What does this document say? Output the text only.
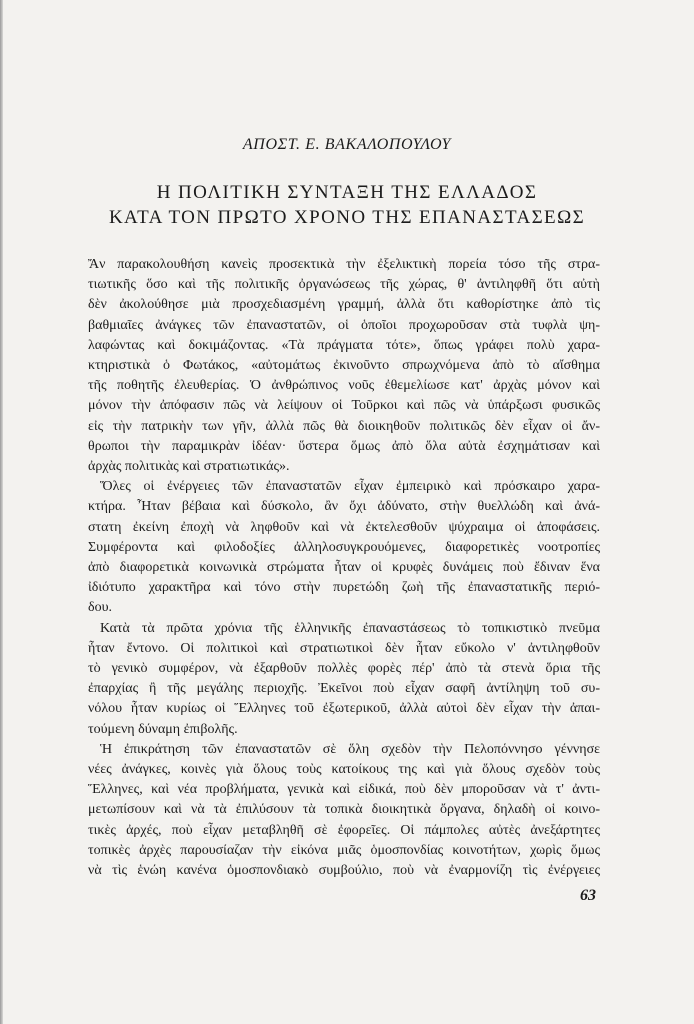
ΑΠΟΣΤ. Ε. ΒΑΚΑΛΟΠΟΥΛΟΥ
Η ΠΟΛΙΤΙΚΗ ΣΥΝΤΑΞΗ ΤΗΣ ΕΛΛΑΔΟΣ
ΚΑΤΑ ΤΟΝ ΠΡΩΤΟ ΧΡΟΝΟ ΤΗΣ ΕΠΑΝΑΣΤΑΣΕΩΣ
Ἄν παρακολουθήση κανεὶς προσεκτικὰ τὴν ἐξελικτικὴ πορεία τόσο τῆς στρα-
τιωτικῆς ὅσο καὶ τῆς πολιτικῆς ὀργανώσεως τῆς χώρας, θ' ἀντιληφθῆ ὅτι αὐτὴ
δὲν ἀκολούθησε μιὰ προσχεδιασμένη γραμμή, ἀλλὰ ὅτι καθορίστηκε ἀπὸ τὶς
βαθμιαῖες ἀνάγκες τῶν ἐπαναστατῶν, οἱ ὁποῖοι προχωροῦσαν στὰ τυφλὰ ψη-
λαφώντας καὶ δοκιμάζοντας. «Τὰ πράγματα τότε», ὅπως γράφει πολὺ χαρα-
κτηριστικὰ ὁ Φωτάκος, «αὐτομάτως ἐκινοῦντο σπρωχνόμενα ἀπὸ τὸ αἴσθημα
τῆς ποθητῆς ἐλευθερίας. Ὁ ἀνθρώπινος νοῦς ἐθεμελίωσε κατ' ἀρχὰς μόνον καὶ
μόνον τὴν ἀπόφασιν πῶς νὰ λείψουν οἱ Τοῦρκοι καὶ πῶς νὰ ὑπάρξωσι φυσικῶς
εἰς τὴν πατρικὴν των γῆν, ἀλλὰ πῶς θὰ διοικηθοῦν πολιτικῶς δὲν εἶχαν οἱ ἄν-
θρωποι τὴν παραμικρὰν ἰδέαν· ὕστερα ὅμως ἀπὸ ὅλα αὐτὰ ἐσχημάτισαν καὶ
ἀρχὰς πολιτικὰς καὶ στρατιωτικάς».
Ὅλες οἱ ἐνέργειες τῶν ἐπαναστατῶν εἶχαν ἐμπειρικὸ καὶ πρόσκαιρο χαρα-
κτήρα. Ἦταν βέβαια καὶ δύσκολο, ἂν ὄχι ἀδύνατο, στὴν θυελλώδη καὶ ἀνά-
στατη ἐκείνη ἐποχὴ νὰ ληφθοῦν καὶ νὰ ἐκτελεσθοῦν ψύχραιμα οἱ ἀποφάσεις.
Συμφέροντα καὶ φιλοδοξίες ἀλληλοσυγκρουόμενες, διαφορετικὲς νοοτροπίες
ἀπὸ διαφορετικὰ κοινωνικὰ στρώματα ἦταν οἱ κρυφὲς δυνάμεις ποὺ ἔδιναν ἕνα
ἰδιότυπο χαρακτῆρα καὶ τόνο στὴν πυρετώδη ζωὴ τῆς ἐπαναστατικῆς περιό-
δου.
Κατὰ τὰ πρῶτα χρόνια τῆς ἑλληνικῆς ἐπαναστάσεως τὸ τοπικιστικὸ πνεῦμα
ἦταν ἔντονο. Οἱ πολιτικοὶ καὶ στρατιωτικοὶ δὲν ἦταν εὔκολο ν' ἀντιληφθοῦν
τὸ γενικὸ συμφέρον, νὰ ἐξαρθοῦν πολλὲς φορὲς πέρ' ἀπὸ τὰ στενὰ ὅρια τῆς
ἐπαρχίας ἢ τῆς μεγάλης περιοχῆς. Ἐκεῖνοι ποὺ εἶχαν σαφῆ ἀντίληψη τοῦ συ-
νόλου ἦταν κυρίως οἱ Ἕλληνες τοῦ ἐξωτερικοῦ, ἀλλὰ αὐτοὶ δὲν εἶχαν τὴν ἀπαι-
τούμενη δύναμη ἐπιβολῆς.
Ἡ ἐπικράτηση τῶν ἐπαναστατῶν σὲ ὅλη σχεδὸν τὴν Πελοπόννησο γέννησε
νέες ἀνάγκες, κοινὲς γιὰ ὅλους τοὺς κατοίκους της καὶ γιὰ ὅλους σχεδὸν τοὺς
Ἕλληνες, καὶ νέα προβλήματα, γενικὰ καὶ εἰδικά, ποὺ δὲν μποροῦσαν νὰ τ' ἀντι-
μετωπίσουν καὶ νὰ τὰ ἐπιλύσουν τὰ τοπικὰ διοικητικὰ ὄργανα, δηλαδὴ οἱ κοινο-
τικὲς ἀρχές, ποὺ εἶχαν μεταβληθῆ σὲ ἐφορεῖες. Οἱ πάμπολες αὐτὲς ἀνεξάρτητες
τοπικὲς ἀρχὲς παρουσίαζαν τὴν εἰκόνα μιᾶς ὁμοσπονδίας κοινοτήτων, χωρὶς ὅμως
νὰ τὶς ἑνώη κανένα ὁμοσπονδιακὸ συμβούλιο, ποὺ νὰ ἐναρμονίζη τὶς ἐνέργειες
63
